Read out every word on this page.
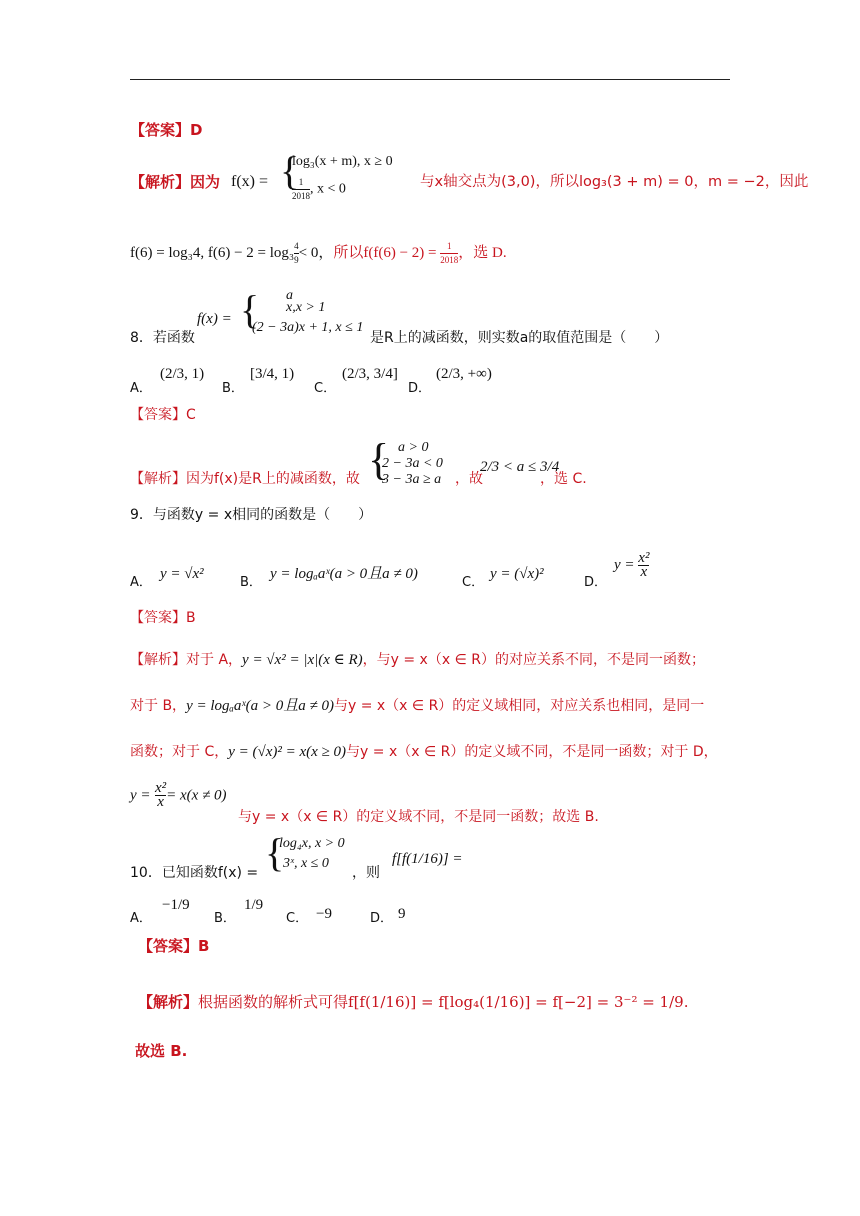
【答案】D
【解析】因为 f(x) = {
log₃(x + m), x ≥ 0
$\frac{1}{2018}$ , x < 0	与x轴交点为(3,0)，所以log₃(3 + m) = 0，m = −2，因此
f(6) = log₃4, $f(6) - 2 = \log_3 \frac{4}{9} < 0$，所以$f(f(6) - 2) = \frac{1}{2018}$ ，选 D.
f(x) = {	a
x,x > 1
(2 − 3a)x + 1, x ≤ 1
8．若函数	是R上的减函数，则实数a的取值范围是（　　）
A．
(2/3, 1)
B．
[3/4, 1)
C．
(2/3, 3/4]
D．
(2/3, +∞)
【答案】C
【解析】因为f(x)是R上的减函数，故 { a > 0
2 − 3a < 0
3 − 3a ≥ a ，故
2/3 < a ≤ 3/4
，选 C.
9．与函数y = x相同的函数是（　　）
A．
y = √x²
B．
y = logₐaˣ(a > 0且a ≠ 0)
C．
y = (√x)²
D．
$y = \frac{\text{x²}}{x}$
【答案】B
【解析】对于 A，y = √x² = |x|(x ∈ R)，与y = x（x ∈ R）的对应关系不同，不是同一函数；
对于 B，y = logₐaˣ(a > 0且a ≠ 0)与y = x（x ∈ R）的定义域相同，对应关系也相同，是同一
函数；对于 C，y = (√x)² = x(x ≥ 0)与y = x（x ∈ R）的定义域不同，不是同一函数；对于 D，
$y = \frac{\text{x²}}{x} = x(x \ne 0)$
与y = x（x ∈ R）的定义域不同，不是同一函数；故选 B.
{
log₄x, x > 0
3ˣ, x ≤ 0
10．已知函数f(x) =	，则
f[f(1/16)] =
A．
−1/9
B．
1/9
C． −9	D． 9
【答案】B
【解析】根据函数的解析式可得f[f(1/16)] = f[log₄(1/16)] = f[−2] = 3⁻² = 1/9.
故选 B.
